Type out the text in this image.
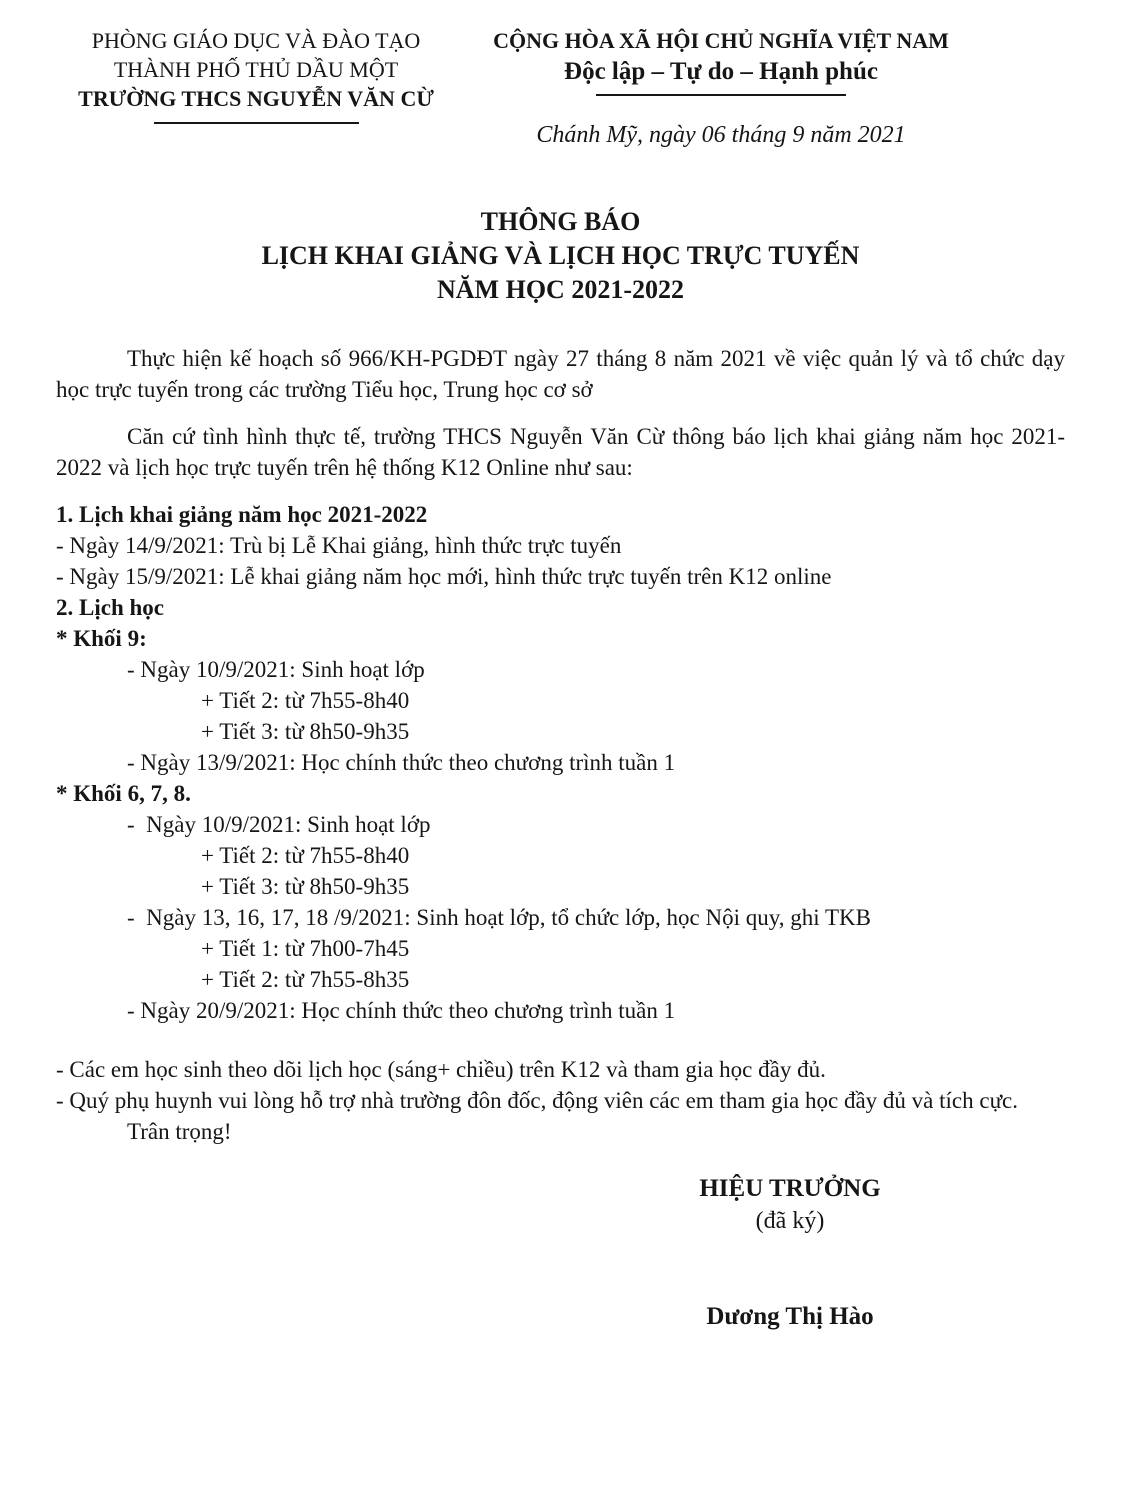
PHÒNG GIÁO DỤC VÀ ĐÀO TẠO
THÀNH PHỐ THỦ DẦU MỘT
TRƯỜNG THCS NGUYỄN VĂN CỪ
CỘNG HÒA XÃ HỘI CHỦ NGHĨA VIỆT NAM
Độc lập – Tự do – Hạnh phúc
Chánh Mỹ, ngày 06 tháng 9 năm 2021
THÔNG BÁO
LỊCH KHAI GIẢNG VÀ LỊCH HỌC TRỰC TUYẾN
NĂM HỌC 2021-2022

Thực hiện kế hoạch số 966/KH-PGDĐT ngày 27 tháng 8 năm 2021 về việc quản lý và tổ chức dạy học trực tuyến trong các trường Tiểu học, Trung học cơ sở

Căn cứ tình hình thực tế, trường THCS Nguyễn Văn Cừ thông báo lịch khai giảng năm học 2021-2022 và lịch học trực tuyến trên hệ thống K12 Online như sau:

1. Lịch khai giảng năm học 2021-2022
- Ngày 14/9/2021: Trù bị Lễ Khai giảng, hình thức trực tuyến
- Ngày 15/9/2021: Lễ khai giảng năm học mới, hình thức trực tuyến trên K12 online
2. Lịch học
* Khối 9:
- Ngày 10/9/2021: Sinh hoạt lớp
+ Tiết 2: từ 7h55-8h40
+ Tiết 3: từ 8h50-9h35
- Ngày 13/9/2021: Học chính thức theo chương trình tuần 1
* Khối 6, 7, 8.
-  Ngày 10/9/2021: Sinh hoạt lớp
+ Tiết 2: từ 7h55-8h40
+ Tiết 3: từ 8h50-9h35
-  Ngày 13, 16, 17, 18 /9/2021: Sinh hoạt lớp, tổ chức lớp, học Nội quy, ghi TKB
+ Tiết 1: từ 7h00-7h45
+ Tiết 2: từ 7h55-8h35
- Ngày 20/9/2021: Học chính thức theo chương trình tuần 1
- Các em học sinh theo dõi lịch học (sáng+ chiều) trên K12 và tham gia học đầy đủ.
- Quý phụ huynh vui lòng hỗ trợ nhà trường đôn đốc, động viên các em tham gia học đầy đủ và tích cực.
Trân trọng!
HIỆU TRƯỞNG
(đã ký)
Dương Thị Hào
